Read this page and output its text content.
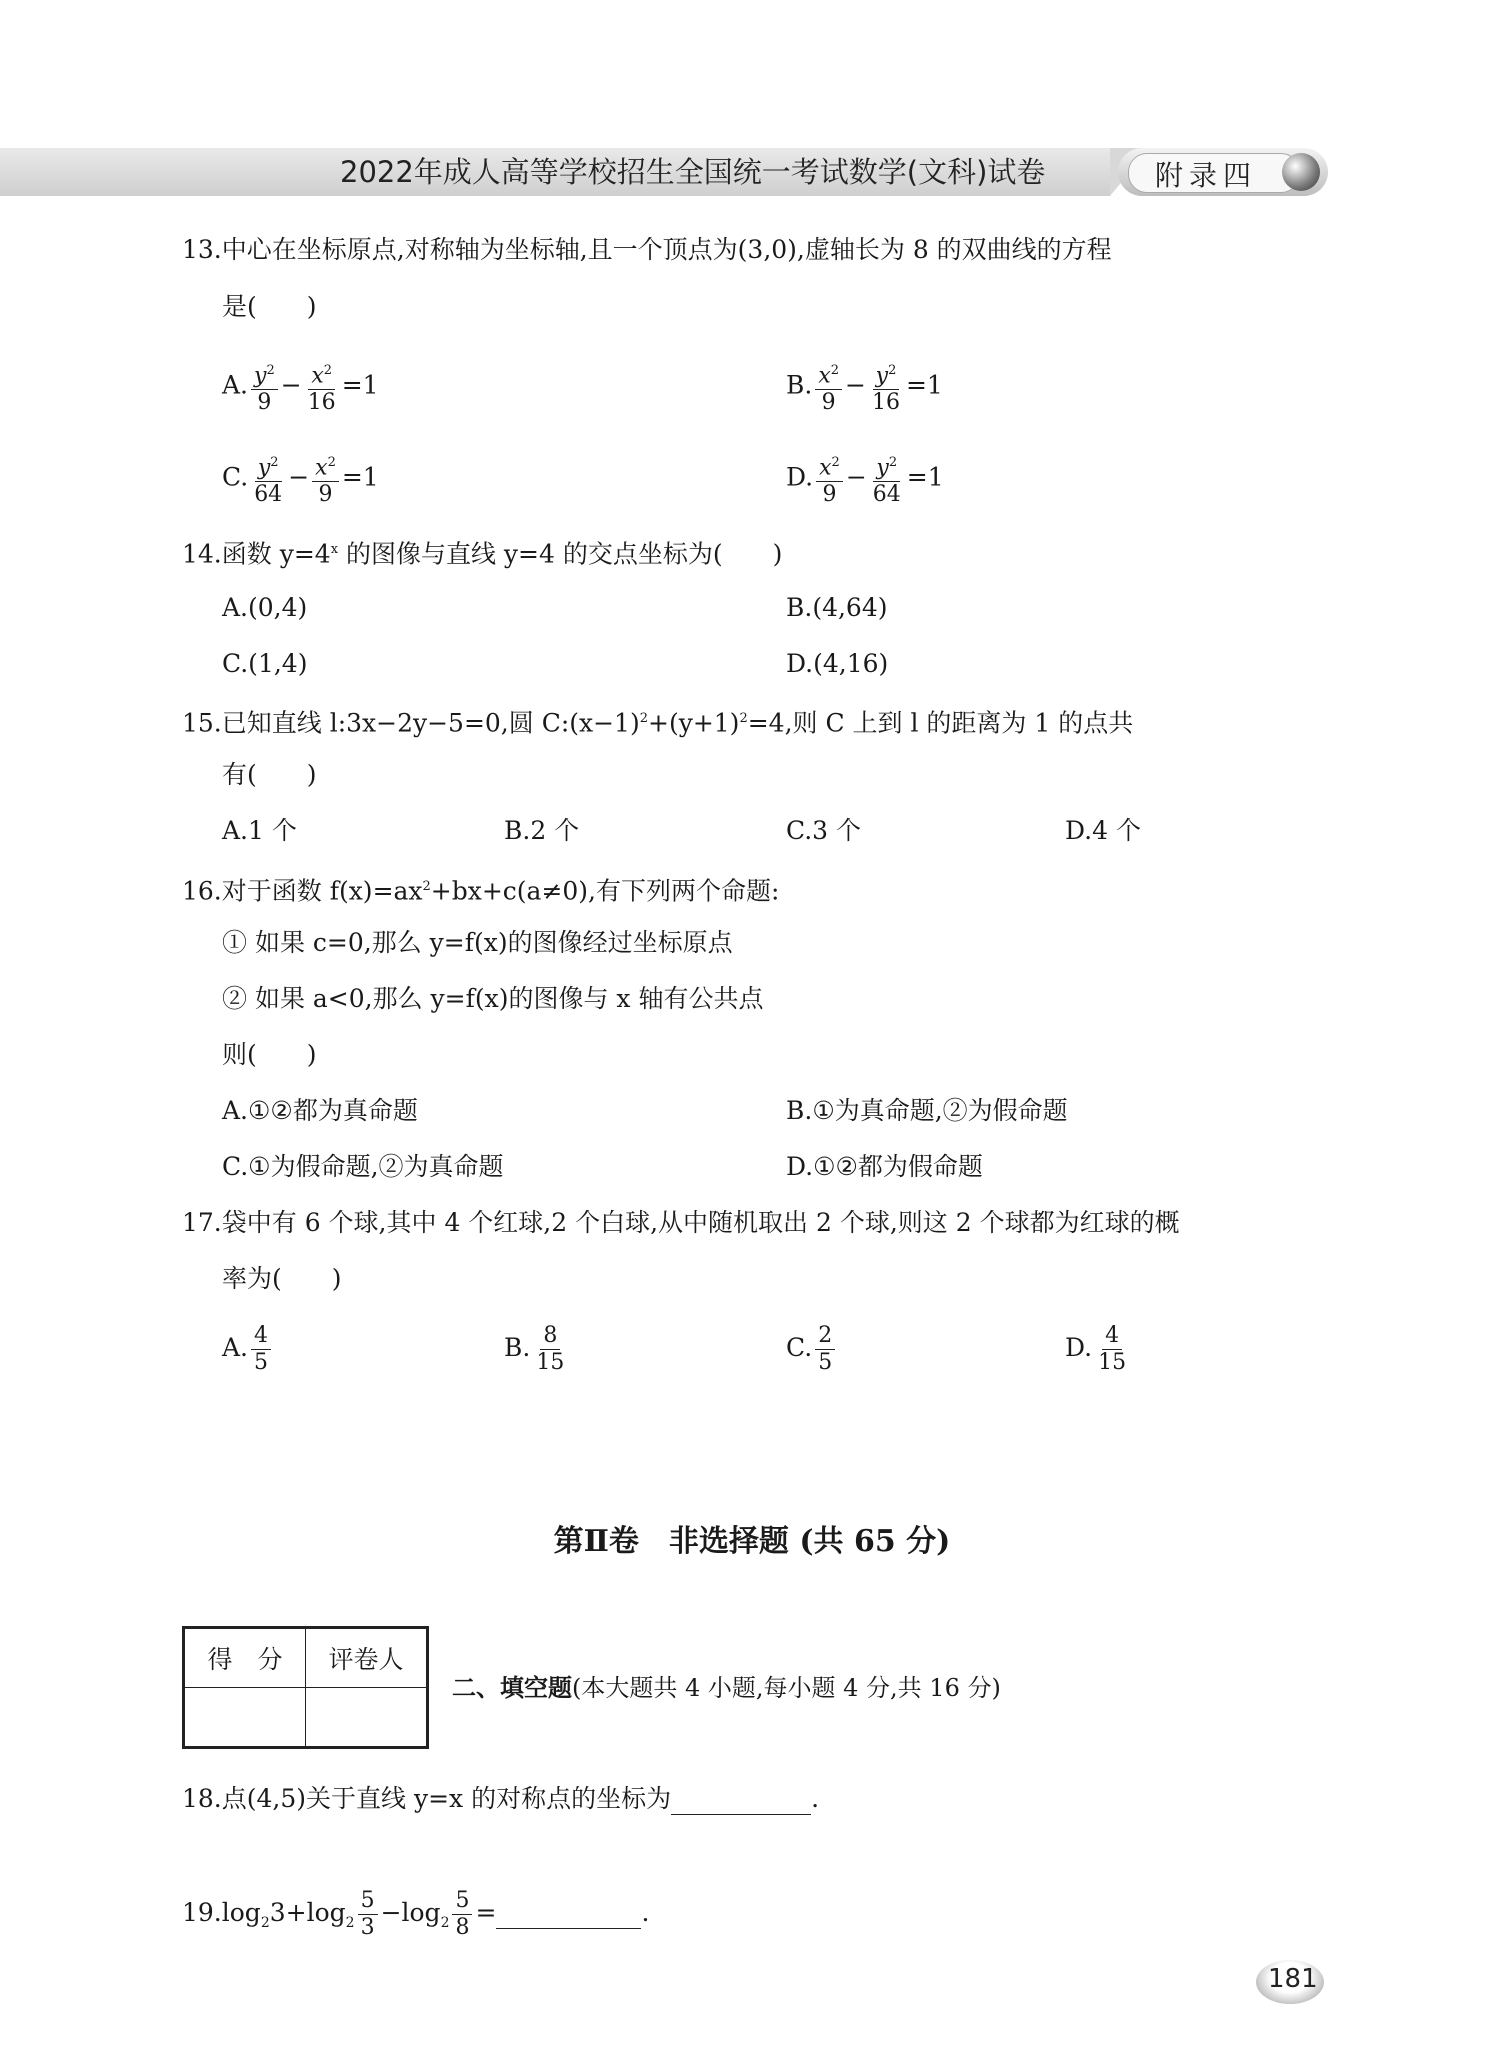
2022年成人高等学校招生全国统一考试数学(文科)试卷	附录四
13.中心在坐标原点,对称轴为坐标轴,且一个顶点为(3,0),虚轴长为 8 的双曲线的方程
是(　　)
A. $\frac{y^2}{9} - \frac{x^2}{16} =1$	B. $\frac{x^2}{9} - \frac{y^2}{16} =1$
C. $\frac{y^2}{64} - \frac{x^2}{9} =1$	D. $\frac{x^2}{9} - \frac{y^2}{64} =1$
14.函数 $y=4^x$ 的图像与直线 y=4 的交点坐标为(　　)
A.(0,4)	B.(4,64)
C.(1,4)	D.(4,16)
15.已知直线 l:3x−2y−5=0,圆 $C:(x-1)^2+(y+1)^2=4$,则 C 上到 l 的距离为 1 的点共
有(　　)
A.1 个	B.2 个	C.3 个	D.4 个
16.对于函数 $f(x)=ax^2+bx+c(a\ne 0)$,有下列两个命题:
① 如果 c=0,那么 y=f(x)的图像经过坐标原点
② 如果 a<0,那么 y=f(x)的图像与 x 轴有公共点
则(　　)
A.①②都为真命题	B.①为真命题,②为假命题
C.①为假命题,②为真命题	D.①②都为假命题
17.袋中有 6 个球,其中 4 个红球,2 个白球,从中随机取出 2 个球,则这 2 个球都为红球的概
率为(　　)
A. $\frac{4}{5}$	B. $\frac{8}{15}$	C. $\frac{2}{5}$	D. $\frac{4}{15}$
第Ⅱ卷　非选择题 (共 65 分)
得　分	评卷人

二、填空题(本大题共 4 小题,每小题 4 分,共 16 分)
18.点(4,5)关于直线 y=x 的对称点的坐标为	.
$19.\log_23+\log_2 \frac{5}{3} -\log_2 \frac{5}{8}$ =	.
181
